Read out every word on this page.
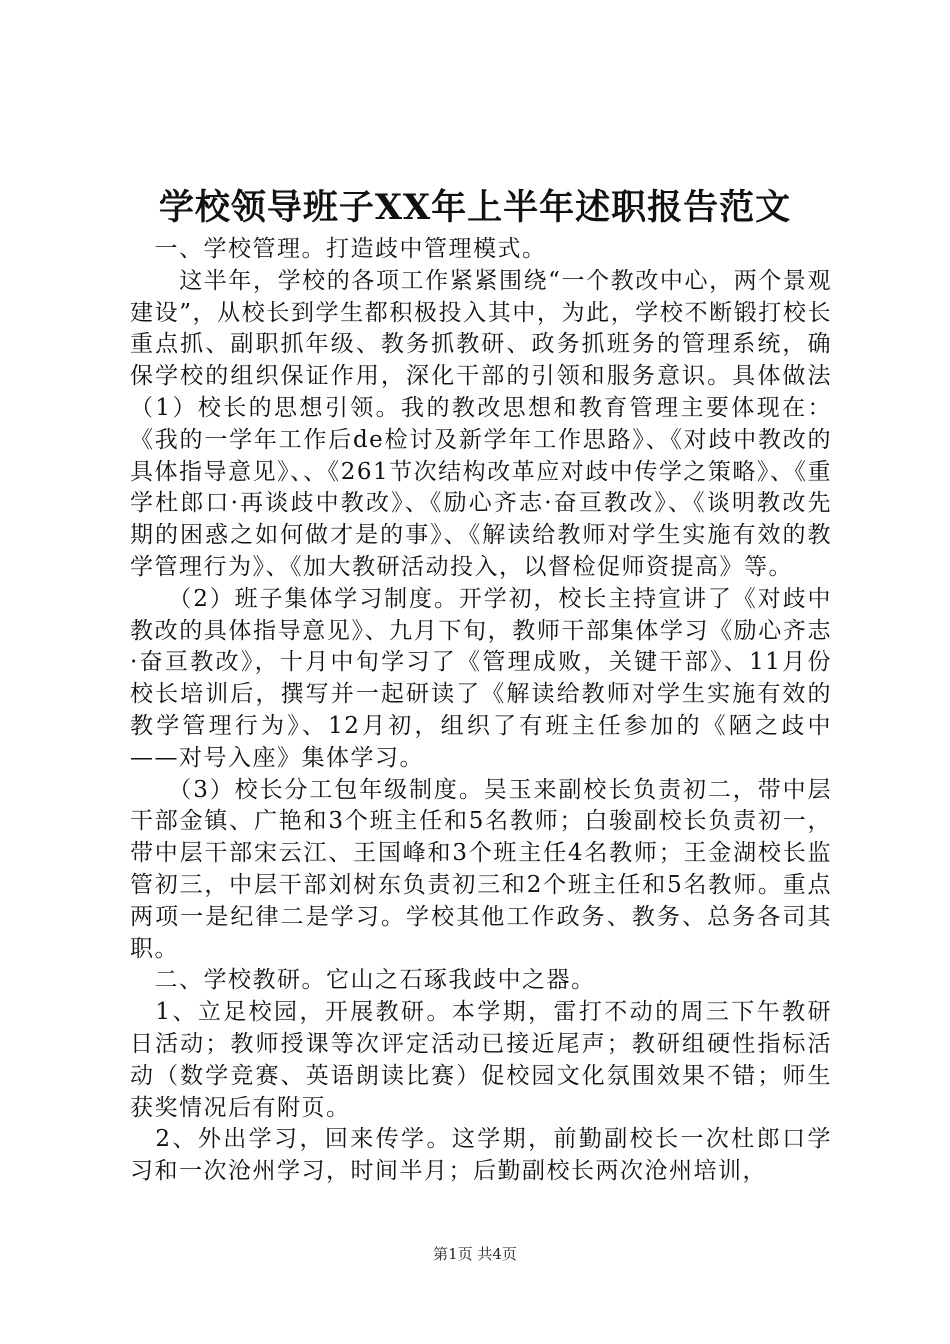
学校领导班子XX年上半年述职报告范文

　一、学校管理。打造歧中管理模式。

　　这半年，学校的各项工作紧紧围绕“一个教改中心，两个景观建设”，从校长到学生都积极投入其中，为此，学校不断锻打校长重点抓、副职抓年级、教务抓教研、政务抓班务的管理系统，确保学校的组织保证作用，深化干部的引领和服务意识。具体做法（1）校长的思想引领。我的教改思想和教育管理主要体现在：《我的一学年工作后de检讨及新学年工作思路》、《对歧中教改的具体指导意见》、、《261节次结构改革应对歧中传学之策略》、《重学杜郎口·再谈歧中教改》、《励心齐志·奋亘教改》、《谈明教改先期的困惑之如何做才是的事》、《解读给教师对学生实施有效的教学管理行为》、《加大教研活动投入，以督检促师资提高》等。

　　（2）班子集体学习制度。开学初，校长主持宣讲了《对歧中教改的具体指导意见》、九月下旬，教师干部集体学习《励心齐志·奋亘教改》，十月中旬学习了《管理成败，关键干部》、11月份校长培训后，撰写并一起研读了《解读给教师对学生实施有效的教学管理行为》、12月初，组织了有班主任参加的《陋之歧中——对号入座》集体学习。

　　（3）校长分工包年级制度。吴玉来副校长负责初二，带中层干部金镇、广艳和3个班主任和5名教师；白骏副校长负责初一，带中层干部宋云江、王国峰和3个班主任4名教师；王金湖校长监管初三，中层干部刘树东负责初三和2个班主任和5名教师。重点两项一是纪律二是学习。学校其他工作政务、教务、总务各司其职。

　二、学校教研。它山之石琢我歧中之器。

　1、立足校园，开展教研。本学期，雷打不动的周三下午教研日活动；教师授课等次评定活动已接近尾声；教研组硬性指标活动（数学竞赛、英语朗读比赛）促校园文化氛围效果不错；师生获奖情况后有附页。

　2、外出学习，回来传学。这学期，前勤副校长一次杜郎口学习和一次沧州学习，时间半月；后勤副校长两次沧州培训，

第1页 共4页
